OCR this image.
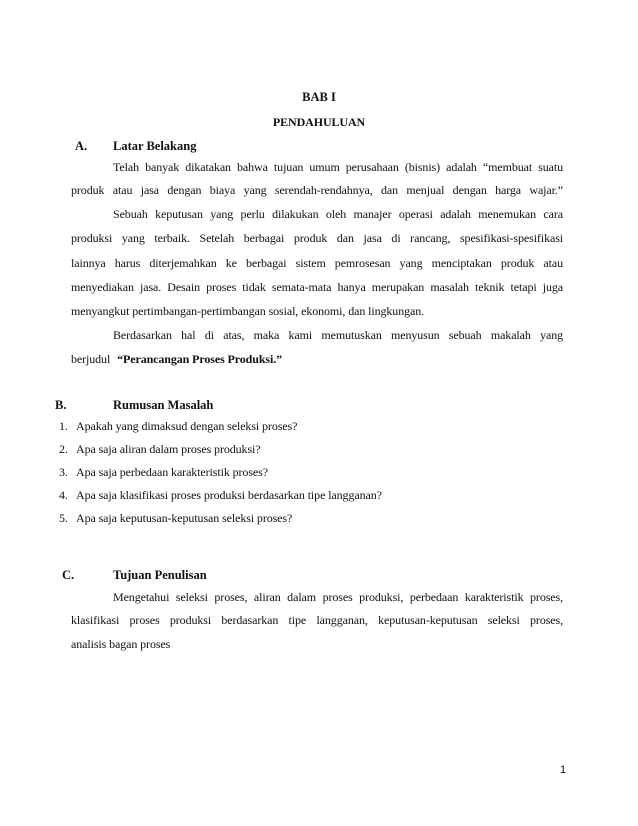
BAB I
PENDAHULUAN
A. Latar Belakang
Telah banyak dikatakan bahwa tujuan umum perusahaan (bisnis) adalah “membuat suatu
produk atau jasa dengan biaya yang serendah-rendahnya, dan menjual dengan harga wajar.”
Sebuah keputusan yang perlu dilakukan oleh manajer operasi adalah menemukan cara
produksi yang terbaik. Setelah berbagai produk dan jasa di rancang, spesifikasi-spesifikasi
lainnya harus diterjemahkan ke berbagai sistem pemrosesan yang menciptakan produk atau
menyediakan jasa. Desain proses tidak semata-mata hanya merupakan masalah teknik tetapi juga
menyangkut pertimbangan-pertimbangan sosial, ekonomi, dan lingkungan.
Berdasarkan hal di atas, maka kami memutuskan menyusun sebuah makalah yang
berjudul “Perancangan Proses Produksi.”
B.	Rumusan Masalah
1. Apakah yang dimaksud dengan seleksi proses?
2. Apa saja aliran dalam proses produksi?
3. Apa saja perbedaan karakteristik proses?
4. Apa saja klasifikasi proses produksi berdasarkan tipe langganan?
5. Apa saja keputusan-keputusan seleksi proses?
C.	Tujuan Penulisan
Mengetahui seleksi proses, aliran dalam proses produksi, perbedaan karakteristik proses,
klasifikasi proses produksi berdasarkan tipe langganan, keputusan-keputusan seleksi proses,
analisis bagan proses
1
